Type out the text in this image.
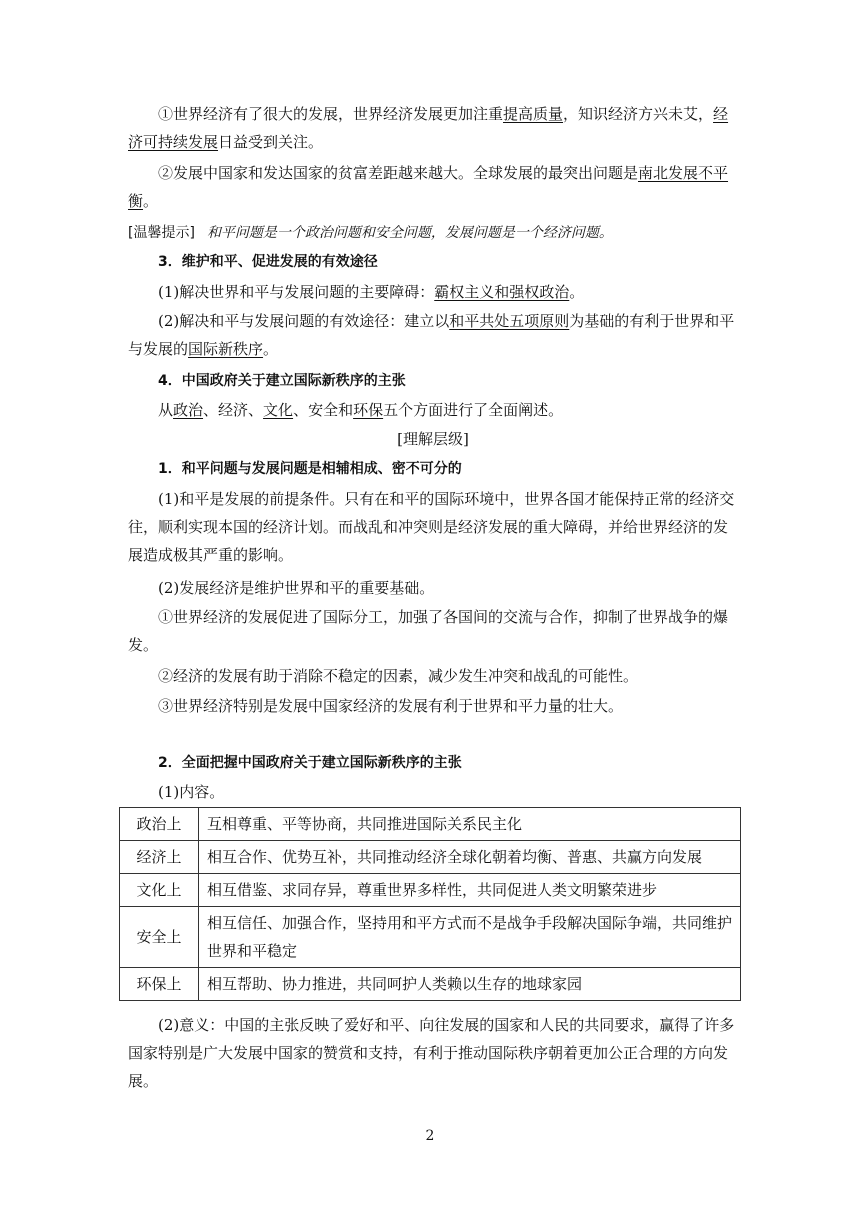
①世界经济有了很大的发展，世界经济发展更加注重提高质量，知识经济方兴未艾，经济可持续发展日益受到关注。

②发展中国家和发达国家的贫富差距越来越大。全球发展的最突出问题是南北发展不平衡。

[温馨提示] 和平问题是一个政治问题和安全问题，发展问题是一个经济问题。

3．维护和平、促进发展的有效途径

(1)解决世界和平与发展问题的主要障碍：霸权主义和强权政治。

(2)解决和平与发展问题的有效途径：建立以和平共处五项原则为基础的有利于世界和平与发展的国际新秩序。

4．中国政府关于建立国际新秩序的主张

从政治、经济、文化、安全和环保五个方面进行了全面阐述。

[理解层级]

1．和平问题与发展问题是相辅相成、密不可分的

(1)和平是发展的前提条件。只有在和平的国际环境中，世界各国才能保持正常的经济交往，顺利实现本国的经济计划。而战乱和冲突则是经济发展的重大障碍，并给世界经济的发展造成极其严重的影响。

(2)发展经济是维护世界和平的重要基础。

①世界经济的发展促进了国际分工，加强了各国间的交流与合作，抑制了世界战争的爆发。

②经济的发展有助于消除不稳定的因素，减少发生冲突和战乱的可能性。

③世界经济特别是发展中国家经济的发展有利于世界和平力量的壮大。

2．全面把握中国政府关于建立国际新秩序的主张

(1)内容。

政治上	互相尊重、平等协商，共同推进国际关系民主化
经济上	相互合作、优势互补，共同推动经济全球化朝着均衡、普惠、共赢方向发展
文化上	相互借鉴、求同存异，尊重世界多样性，共同促进人类文明繁荣进步
安全上	相互信任、加强合作，坚持用和平方式而不是战争手段解决国际争端，共同维护世界和平稳定
环保上	相互帮助、协力推进，共同呵护人类赖以生存的地球家园

(2)意义：中国的主张反映了爱好和平、向往发展的国家和人民的共同要求，赢得了许多国家特别是广大发展中国家的赞赏和支持，有利于推动国际秩序朝着更加公正合理的方向发展。

2
